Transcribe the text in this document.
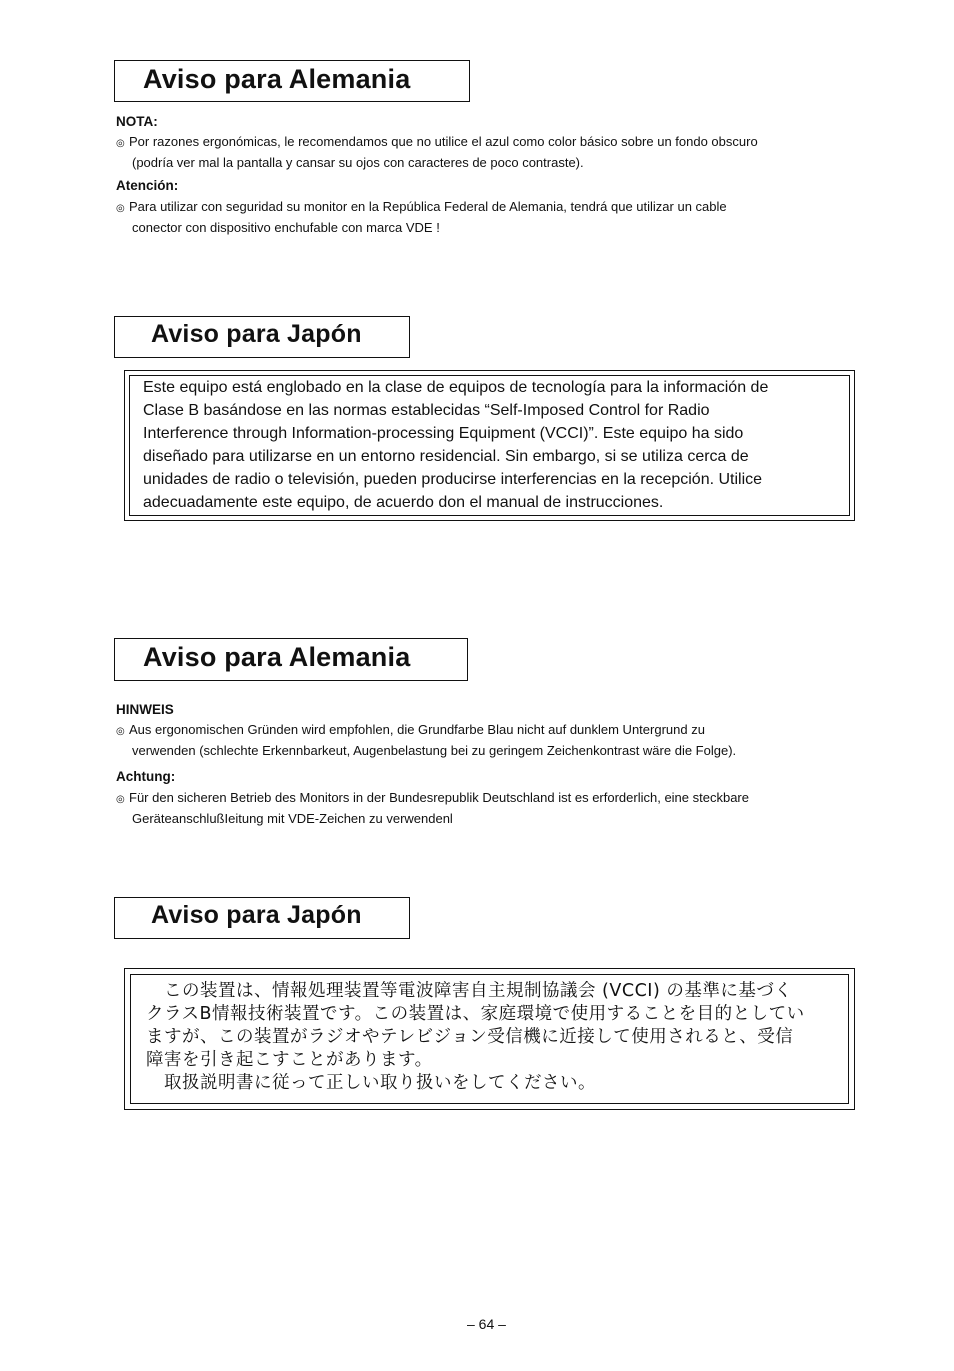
Aviso para Alemania
NOTA:
◎ Por razones ergonómicas, le recomendamos que no utilice el azul como color básico sobre un fondo obscuro
(podría ver mal la pantalla y cansar su ojos con caracteres de poco contraste).
Atención:
◎ Para utilizar con seguridad su monitor en la República Federal de Alemania, tendrá que utilizar un cable
conector con dispositivo enchufable con marca VDE !
Aviso para Japón
Este equipo está englobado en la clase de equipos de tecnología para la información de
Clase B basándose en las normas establecidas “Self-Imposed Control for Radio
Interference through Information-processing Equipment (VCCI)”. Este equipo ha sido
diseñado para utilizarse en un entorno residencial. Sin embargo, si se utiliza cerca de
unidades de radio o televisión, pueden producirse interferencias en la recepción. Utilice
adecuadamente este equipo, de acuerdo don el manual de instrucciones.
Aviso para Alemania
HINWEIS
◎ Aus ergonomischen Gründen wird empfohlen, die Grundfarbe Blau nicht auf dunklem Untergrund zu
verwenden (schlechte Erkennbarkeut, Augenbelastung bei zu geringem Zeichenkontrast wäre die Folge).
Achtung:
◎ Für den sicheren Betrieb des Monitors in der Bundesrepublik Deutschland ist es erforderlich, eine steckbare
GeräteanschlußIeitung mit VDE-Zeichen zu verwendenl
Aviso para Japón
この装置は、情報処理装置等電波障害自主規制協議会 (VCCI) の基準に基づく
クラスB情報技術装置です。この装置は、家庭環境で使用することを目的としてい
ますが、この装置がラジオやテレビジョン受信機に近接して使用されると、受信
障害を引き起こすことがあります。
取扱説明書に従って正しい取り扱いをしてください。
– 64 –
